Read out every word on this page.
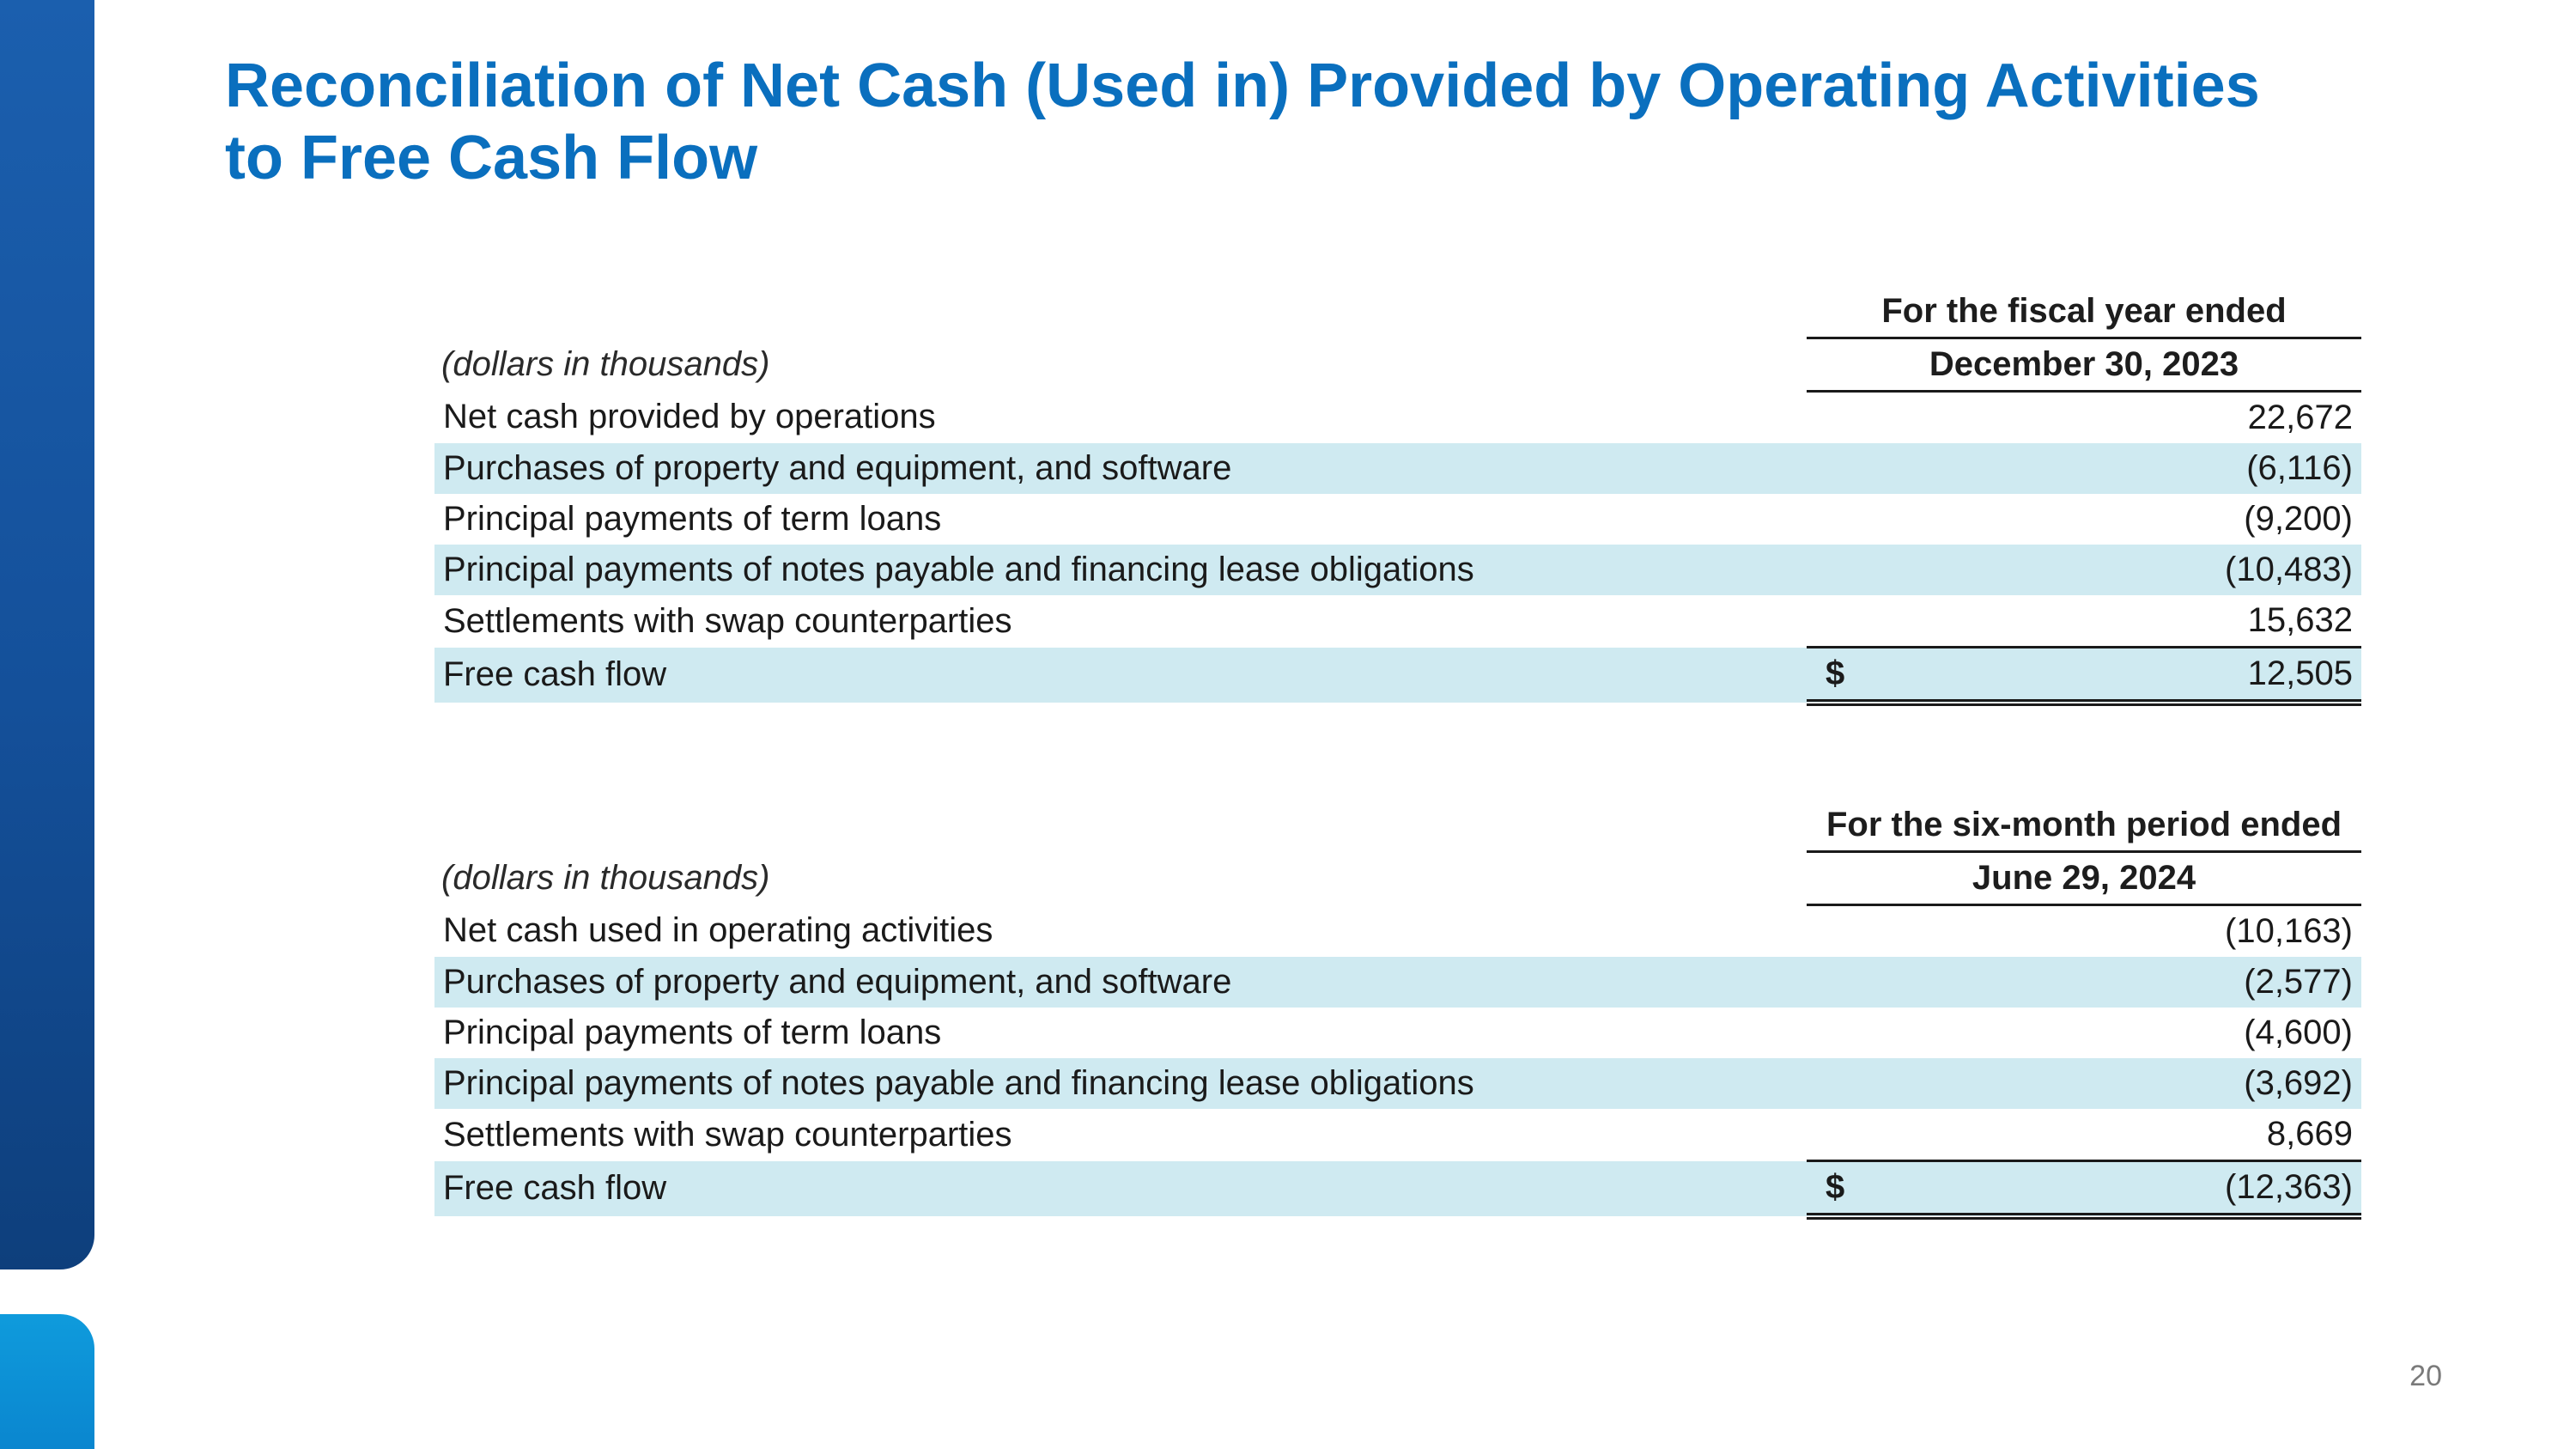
Reconciliation of Net Cash (Used in) Provided by Operating Activities
to Free Cash Flow
	For the fiscal year ended	
(dollars in thousands)	December 30, 2023	
Net cash provided by operations		22,672
Purchases of property and equipment, and software		(6,116)
Principal payments of term loans		(9,200)
Principal payments of notes payable and financing lease obligations		(10,483)
Settlements with swap counterparties		15,632
Free cash flow	$	12,505
	For the six-month period ended	
(dollars in thousands)	June 29, 2024	
Net cash used in operating activities		(10,163)
Purchases of property and equipment, and software		(2,577)
Principal payments of term loans		(4,600)
Principal payments of notes payable and financing lease obligations		(3,692)
Settlements with swap counterparties		8,669
Free cash flow	$	(12,363)
20
